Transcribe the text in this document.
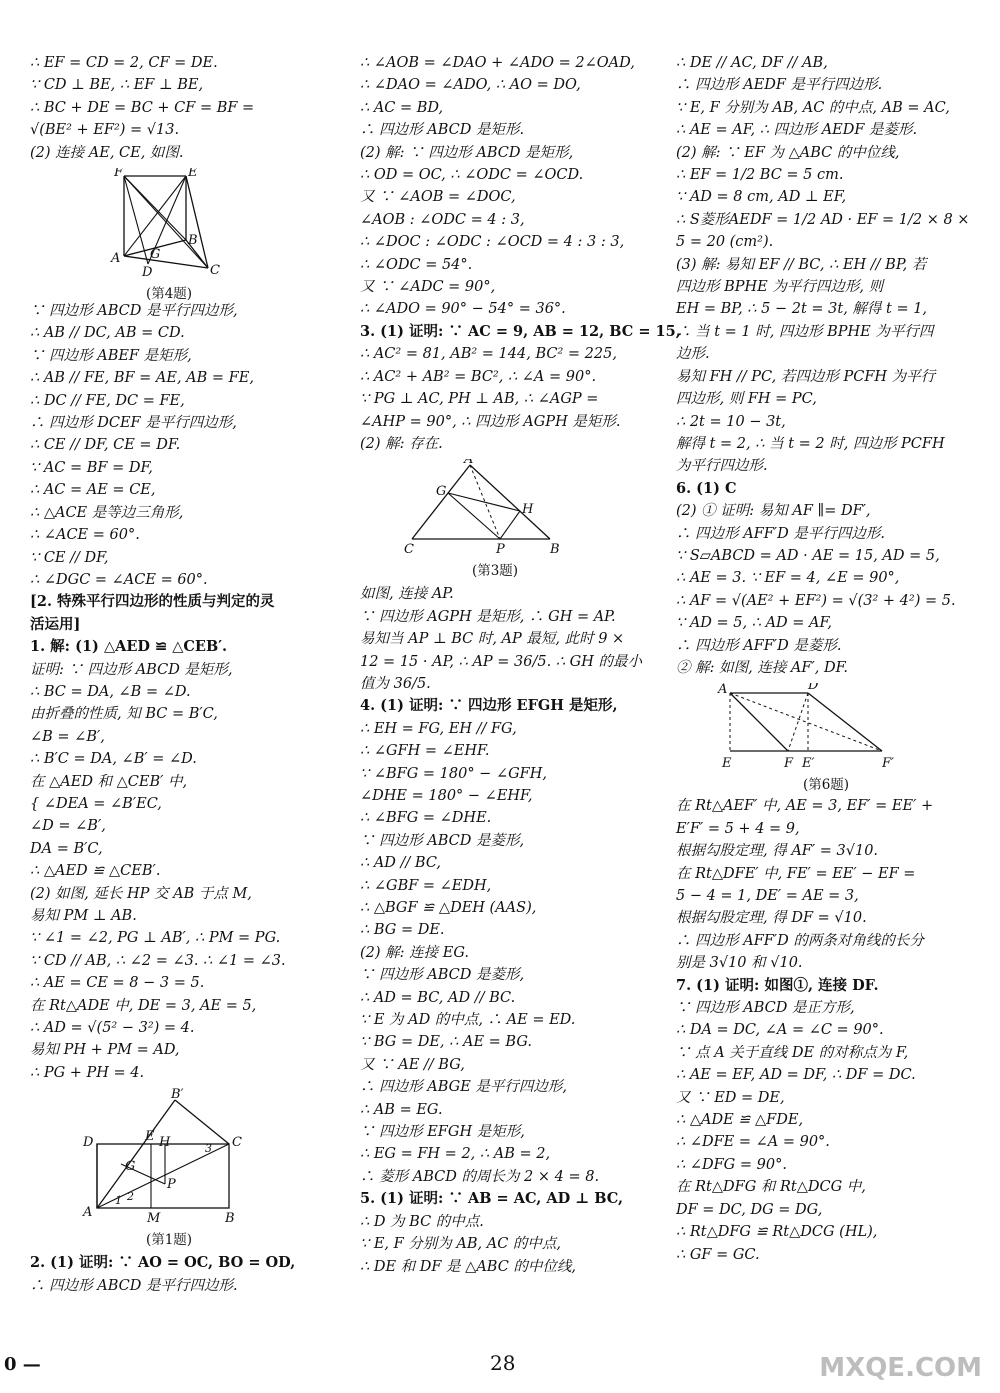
∴ EF = CD = 2, CF = DE.
∵ CD ⊥ BE, ∴ EF ⊥ BE,
∴ BC + DE = BC + CF = BF =
√(BE² + EF²) = √13.
(2) 连接 AE, CE, 如图.
F	E
B
A
D
G
C
(第4题)
∵ 四边形 ABCD 是平行四边形,
∴ AB // DC, AB = CD.
∵ 四边形 ABEF 是矩形,
∴ AB // FE, BF = AE, AB = FE,
∴ DC // FE, DC = FE,
∴ 四边形 DCEF 是平行四边形,
∴ CE // DF, CE = DF.
∵ AC = BF = DF,
∴ AC = AE = CE,
∴ △ACE 是等边三角形,
∴ ∠ACE = 60°.
∵ CE // DF,
∴ ∠DGC = ∠ACE = 60°.
[2. 特殊平行四边形的性质与判定的灵
活运用]
1. 解: (1) △AED ≌ △CEB′.
证明: ∵ 四边形 ABCD 是矩形,
∴ BC = DA, ∠B = ∠D.
由折叠的性质, 知 BC = B′C,
∠B = ∠B′,
∴ B′C = DA, ∠B′ = ∠D.
在 △AED 和 △CEB′ 中,
{ ∠DEA = ∠B′EC,
∠D = ∠B′,
DA = B′C,
∴ △AED ≌ △CEB′.
(2) 如图, 延长 HP 交 AB 于点 M,
易知 PM ⊥ AB.
∵ ∠1 = ∠2, PG ⊥ AB′, ∴ PM = PG.
∵ CD // AB, ∴ ∠2 = ∠3. ∴ ∠1 = ∠3.
∴ AE = CE = 8 − 3 = 5.
在 Rt△ADE 中, DE = 3, AE = 5,
∴ AD = √(5² − 3²) = 4.
易知 PH + PM = AD,
∴ PG + PH = 4.
B′
D	E H	C
G
P
A	M	B
3
1 2
(第1题)
2. (1) 证明: ∵ AO = OC, BO = OD,
∴ 四边形 ABCD 是平行四边形.
∴ ∠AOB = ∠DAO + ∠ADO = 2∠OAD,
∴ ∠DAO = ∠ADO, ∴ AO = DO,
∴ AC = BD,
∴ 四边形 ABCD 是矩形.
(2) 解: ∵ 四边形 ABCD 是矩形,
∴ OD = OC, ∴ ∠ODC = ∠OCD.
又 ∵ ∠AOB = ∠DOC,
∠AOB : ∠ODC = 4 : 3,
∴ ∠DOC : ∠ODC : ∠OCD = 4 : 3 : 3,
∴ ∠ODC = 54°.
又 ∵ ∠ADC = 90°,
∴ ∠ADO = 90° − 54° = 36°.
3. (1) 证明: ∵ AC = 9, AB = 12, BC = 15,
∴ AC² = 81, AB² = 144, BC² = 225,
∴ AC² + AB² = BC², ∴ ∠A = 90°.
∵ PG ⊥ AC, PH ⊥ AB, ∴ ∠AGP =
∠AHP = 90°, ∴ 四边形 AGPH 是矩形.
(2) 解: 存在.
A
G
H
C	P	B
(第3题)
如图, 连接 AP.
∵ 四边形 AGPH 是矩形, ∴ GH = AP.
易知当 AP ⊥ BC 时, AP 最短, 此时 9 ×
12 = 15 · AP, ∴ AP = 36/5. ∴ GH 的最小
值为 36/5.
4. (1) 证明: ∵ 四边形 EFGH 是矩形,
∴ EH = FG, EH // FG,
∴ ∠GFH = ∠EHF.
∵ ∠BFG = 180° − ∠GFH,
∠DHE = 180° − ∠EHF,
∴ ∠BFG = ∠DHE.
∵ 四边形 ABCD 是菱形,
∴ AD // BC,
∴ ∠GBF = ∠EDH,
∴ △BGF ≌ △DEH (AAS),
∴ BG = DE.
(2) 解: 连接 EG.
∵ 四边形 ABCD 是菱形,
∴ AD = BC, AD // BC.
∵ E 为 AD 的中点, ∴ AE = ED.
∵ BG = DE, ∴ AE = BG.
又 ∵ AE // BG,
∴ 四边形 ABGE 是平行四边形,
∴ AB = EG.
∵ 四边形 EFGH 是矩形,
∴ EG = FH = 2, ∴ AB = 2,
∴ 菱形 ABCD 的周长为 2 × 4 = 8.
5. (1) 证明: ∵ AB = AC, AD ⊥ BC,
∴ D 为 BC 的中点.
∵ E, F 分别为 AB, AC 的中点,
∴ DE 和 DF 是 △ABC 的中位线,
∴ DE // AC, DF // AB,
∴ 四边形 AEDF 是平行四边形.
∵ E, F 分别为 AB, AC 的中点, AB = AC,
∴ AE = AF, ∴ 四边形 AEDF 是菱形.
(2) 解: ∵ EF 为 △ABC 的中位线,
∴ EF = 1/2 BC = 5 cm.
∵ AD = 8 cm, AD ⊥ EF,
∴ S菱形AEDF = 1/2 AD · EF = 1/2 × 8 ×
5 = 20 (cm²).
(3) 解: 易知 EF // BC, ∴ EH // BP, 若
四边形 BPHE 为平行四边形, 则
EH = BP, ∴ 5 − 2t = 3t, 解得 t = 1,
∴ 当 t = 1 时, 四边形 BPHE 为平行四
边形.
易知 FH // PC, 若四边形 PCFH 为平行
四边形, 则 FH = PC,
∴ 2t = 10 − 3t,
解得 t = 2, ∴ 当 t = 2 时, 四边形 PCFH
为平行四边形.
6. (1) C
(2) ① 证明: 易知 AF ∥= DF′,
∴ 四边形 AFF′D 是平行四边形.
∵ S▱ABCD = AD · AE = 15, AD = 5,
∴ AE = 3. ∵ EF = 4, ∠E = 90°,
∴ AF = √(AE² + EF²) = √(3² + 4²) = 5.
∵ AD = 5, ∴ AD = AF,
∴ 四边形 AFF′D 是菱形.
② 解: 如图, 连接 AF′, DF.
A	D
E	F E′	F′
(第6题)
在 Rt△AEF′ 中, AE = 3, EF′ = EE′ +
E′F′ = 5 + 4 = 9,
根据勾股定理, 得 AF′ = 3√10.
在 Rt△DFE′ 中, FE′ = EE′ − EF =
5 − 4 = 1, DE′ = AE = 3,
根据勾股定理, 得 DF = √10.
∴ 四边形 AFF′D 的两条对角线的长分
别是 3√10 和 √10.
7. (1) 证明: 如图①, 连接 DF.
∵ 四边形 ABCD 是正方形,
∴ DA = DC, ∠A = ∠C = 90°.
∵ 点 A 关于直线 DE 的对称点为 F,
∴ AE = EF, AD = DF, ∴ DF = DC.
又 ∵ ED = DE,
∴ △ADE ≌ △FDE,
∴ ∠DFE = ∠A = 90°.
∴ ∠DFG = 90°.
在 Rt△DFG 和 Rt△DCG 中,
DF = DC, DG = DG,
∴ Rt△DFG ≌ Rt△DCG (HL),
∴ GF = GC.
28
0 —	MXQE.COM
